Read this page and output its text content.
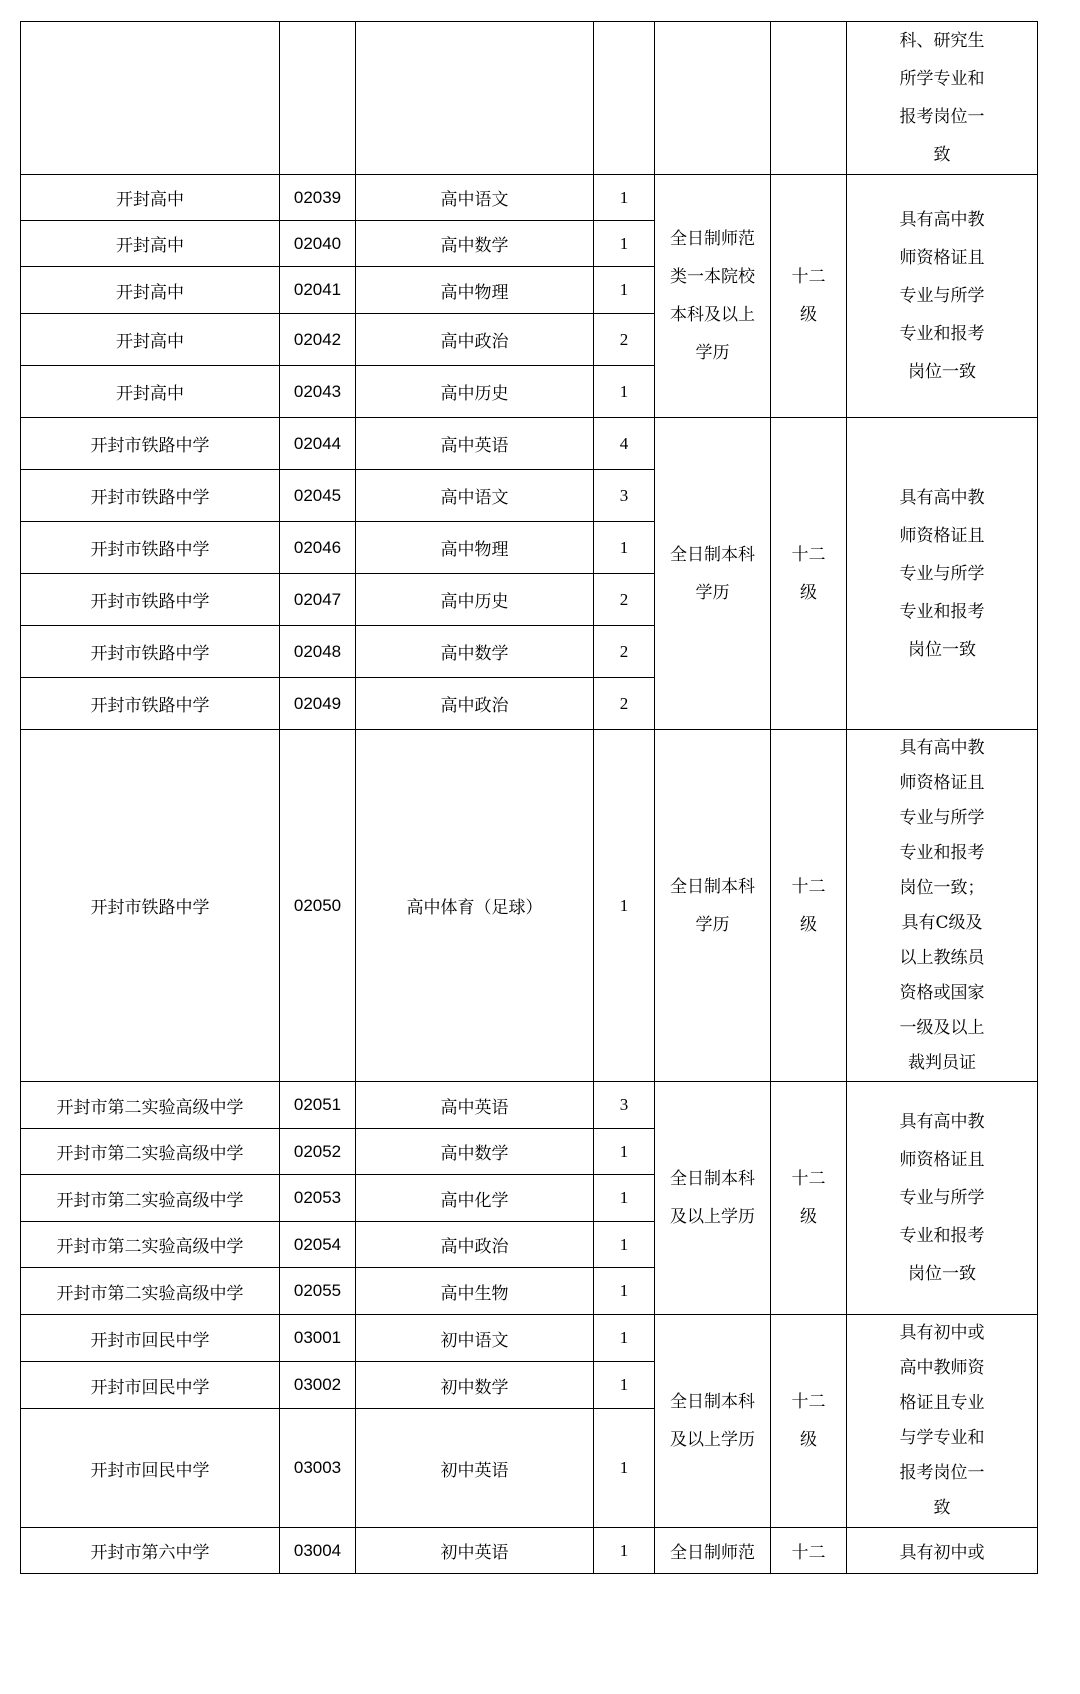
						科、研究生所学专业和报考岗位一致
开封高中	02039	高中语文	1	全日制师范类一本院校本科及以上学历	十二级	具有高中教师资格证且专业与所学专业和报考岗位一致
开封高中	02040	高中数学	1			
开封高中	02041	高中物理	1			
开封高中	02042	高中政治	2			
开封高中	02043	高中历史	1			
开封市铁路中学	02044	高中英语	4	全日制本科学历	十二级	具有高中教师资格证且专业与所学专业和报考岗位一致
开封市铁路中学	02045	高中语文	3			
开封市铁路中学	02046	高中物理	1			
开封市铁路中学	02047	高中历史	2			
开封市铁路中学	02048	高中数学	2			
开封市铁路中学	02049	高中政治	2			
开封市铁路中学	02050	高中体育（足球）	1	全日制本科学历	十二级	具有高中教师资格证且专业与所学专业和报考岗位一致；具有C级及以上教练员资格或国家一级及以上裁判员证
开封市第二实验高级中学	02051	高中英语	3	全日制本科及以上学历	十二级	具有高中教师资格证且专业与所学专业和报考岗位一致
开封市第二实验高级中学	02052	高中数学	1			
开封市第二实验高级中学	02053	高中化学	1			
开封市第二实验高级中学	02054	高中政治	1			
开封市第二实验高级中学	02055	高中生物	1			
开封市回民中学	03001	初中语文	1	全日制本科及以上学历	十二级	具有初中或高中教师资格证且专业与学专业和报考岗位一致
开封市回民中学	03002	初中数学	1			
开封市回民中学	03003	初中英语	1			
开封市第六中学	03004	初中英语	1	全日制师范	十二	具有初中或
